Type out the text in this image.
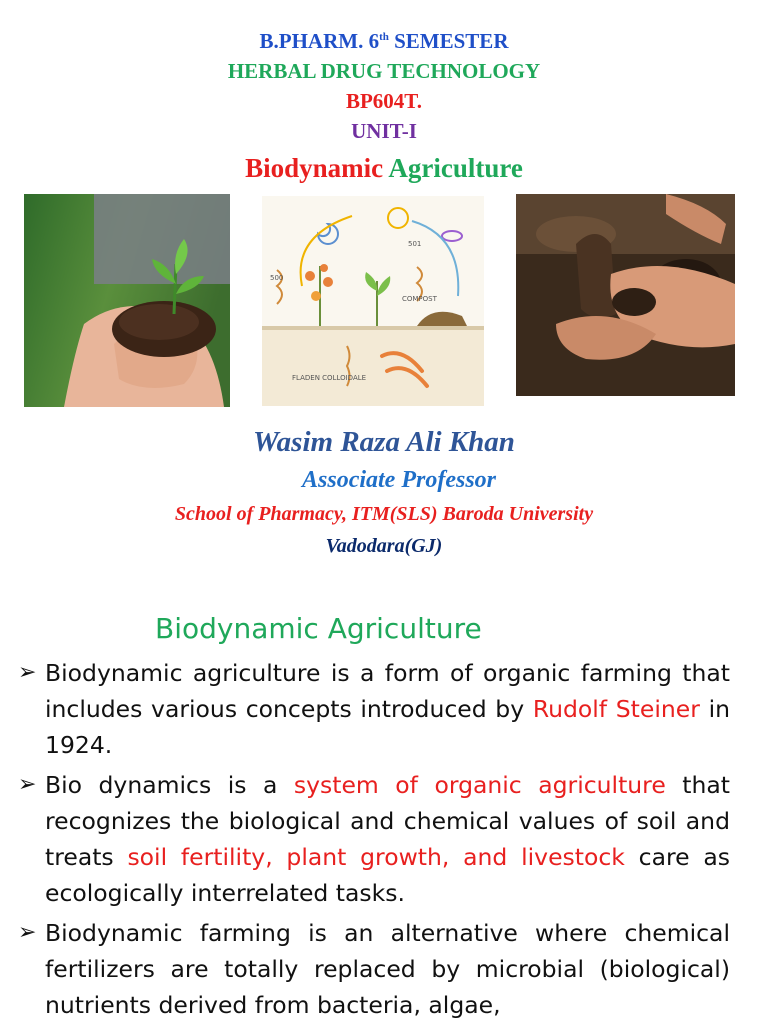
B.PHARM. 6th SEMESTER
HERBAL DRUG TECHNOLOGY
BP604T.
UNIT-I
Biodynamic Agriculture
500
501
COMPOST
FLADEN COLLOIDALE
Wasim Raza Ali Khan
Associate Professor
School of Pharmacy, ITM(SLS) Baroda University
Vadodara(GJ)
Biodynamic Agriculture
➢ Biodynamic agriculture is a form of organic farming that includes various concepts introduced by Rudolf Steiner in 1924.
➢ Bio dynamics is a system of organic agriculture that recognizes the biological and chemical values of soil and treats soil fertility, plant growth, and livestock care as ecologically interrelated tasks.
➢ Biodynamic farming is an alternative where chemical fertilizers are totally replaced by microbial (biological) nutrients derived from bacteria, algae,
